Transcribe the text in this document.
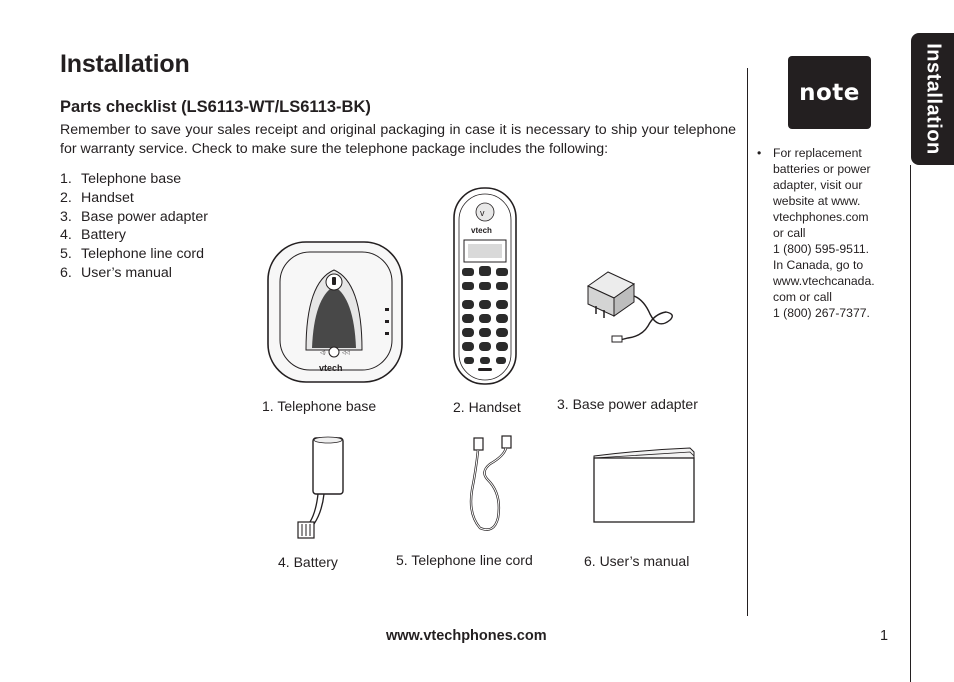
Installation
Parts checklist (LS6113-WT/LS6113-BK)
Remember to save your sales receipt and original packaging in case it is necessary to ship your telephone for warranty service. Check to make sure the telephone package includes the following:
1. Telephone base
2. Handset
3. Base power adapter
4. Battery
5. Telephone line cord
6. User’s manual
◁)	◁◁
vtech
v
vtech
1. Telephone base	2. Handset	3. Base power adapter
4. Battery	5. Telephone line cord	6. User’s manual
note
• For replacement
batteries or power
adapter, visit our
website at www.
vtechphones.com
or call
1 (800) 595-9511.
In Canada, go to
www.vtechcanada.
com or call
1 (800) 267-7377.
Installation
www.vtechphones.com	1
